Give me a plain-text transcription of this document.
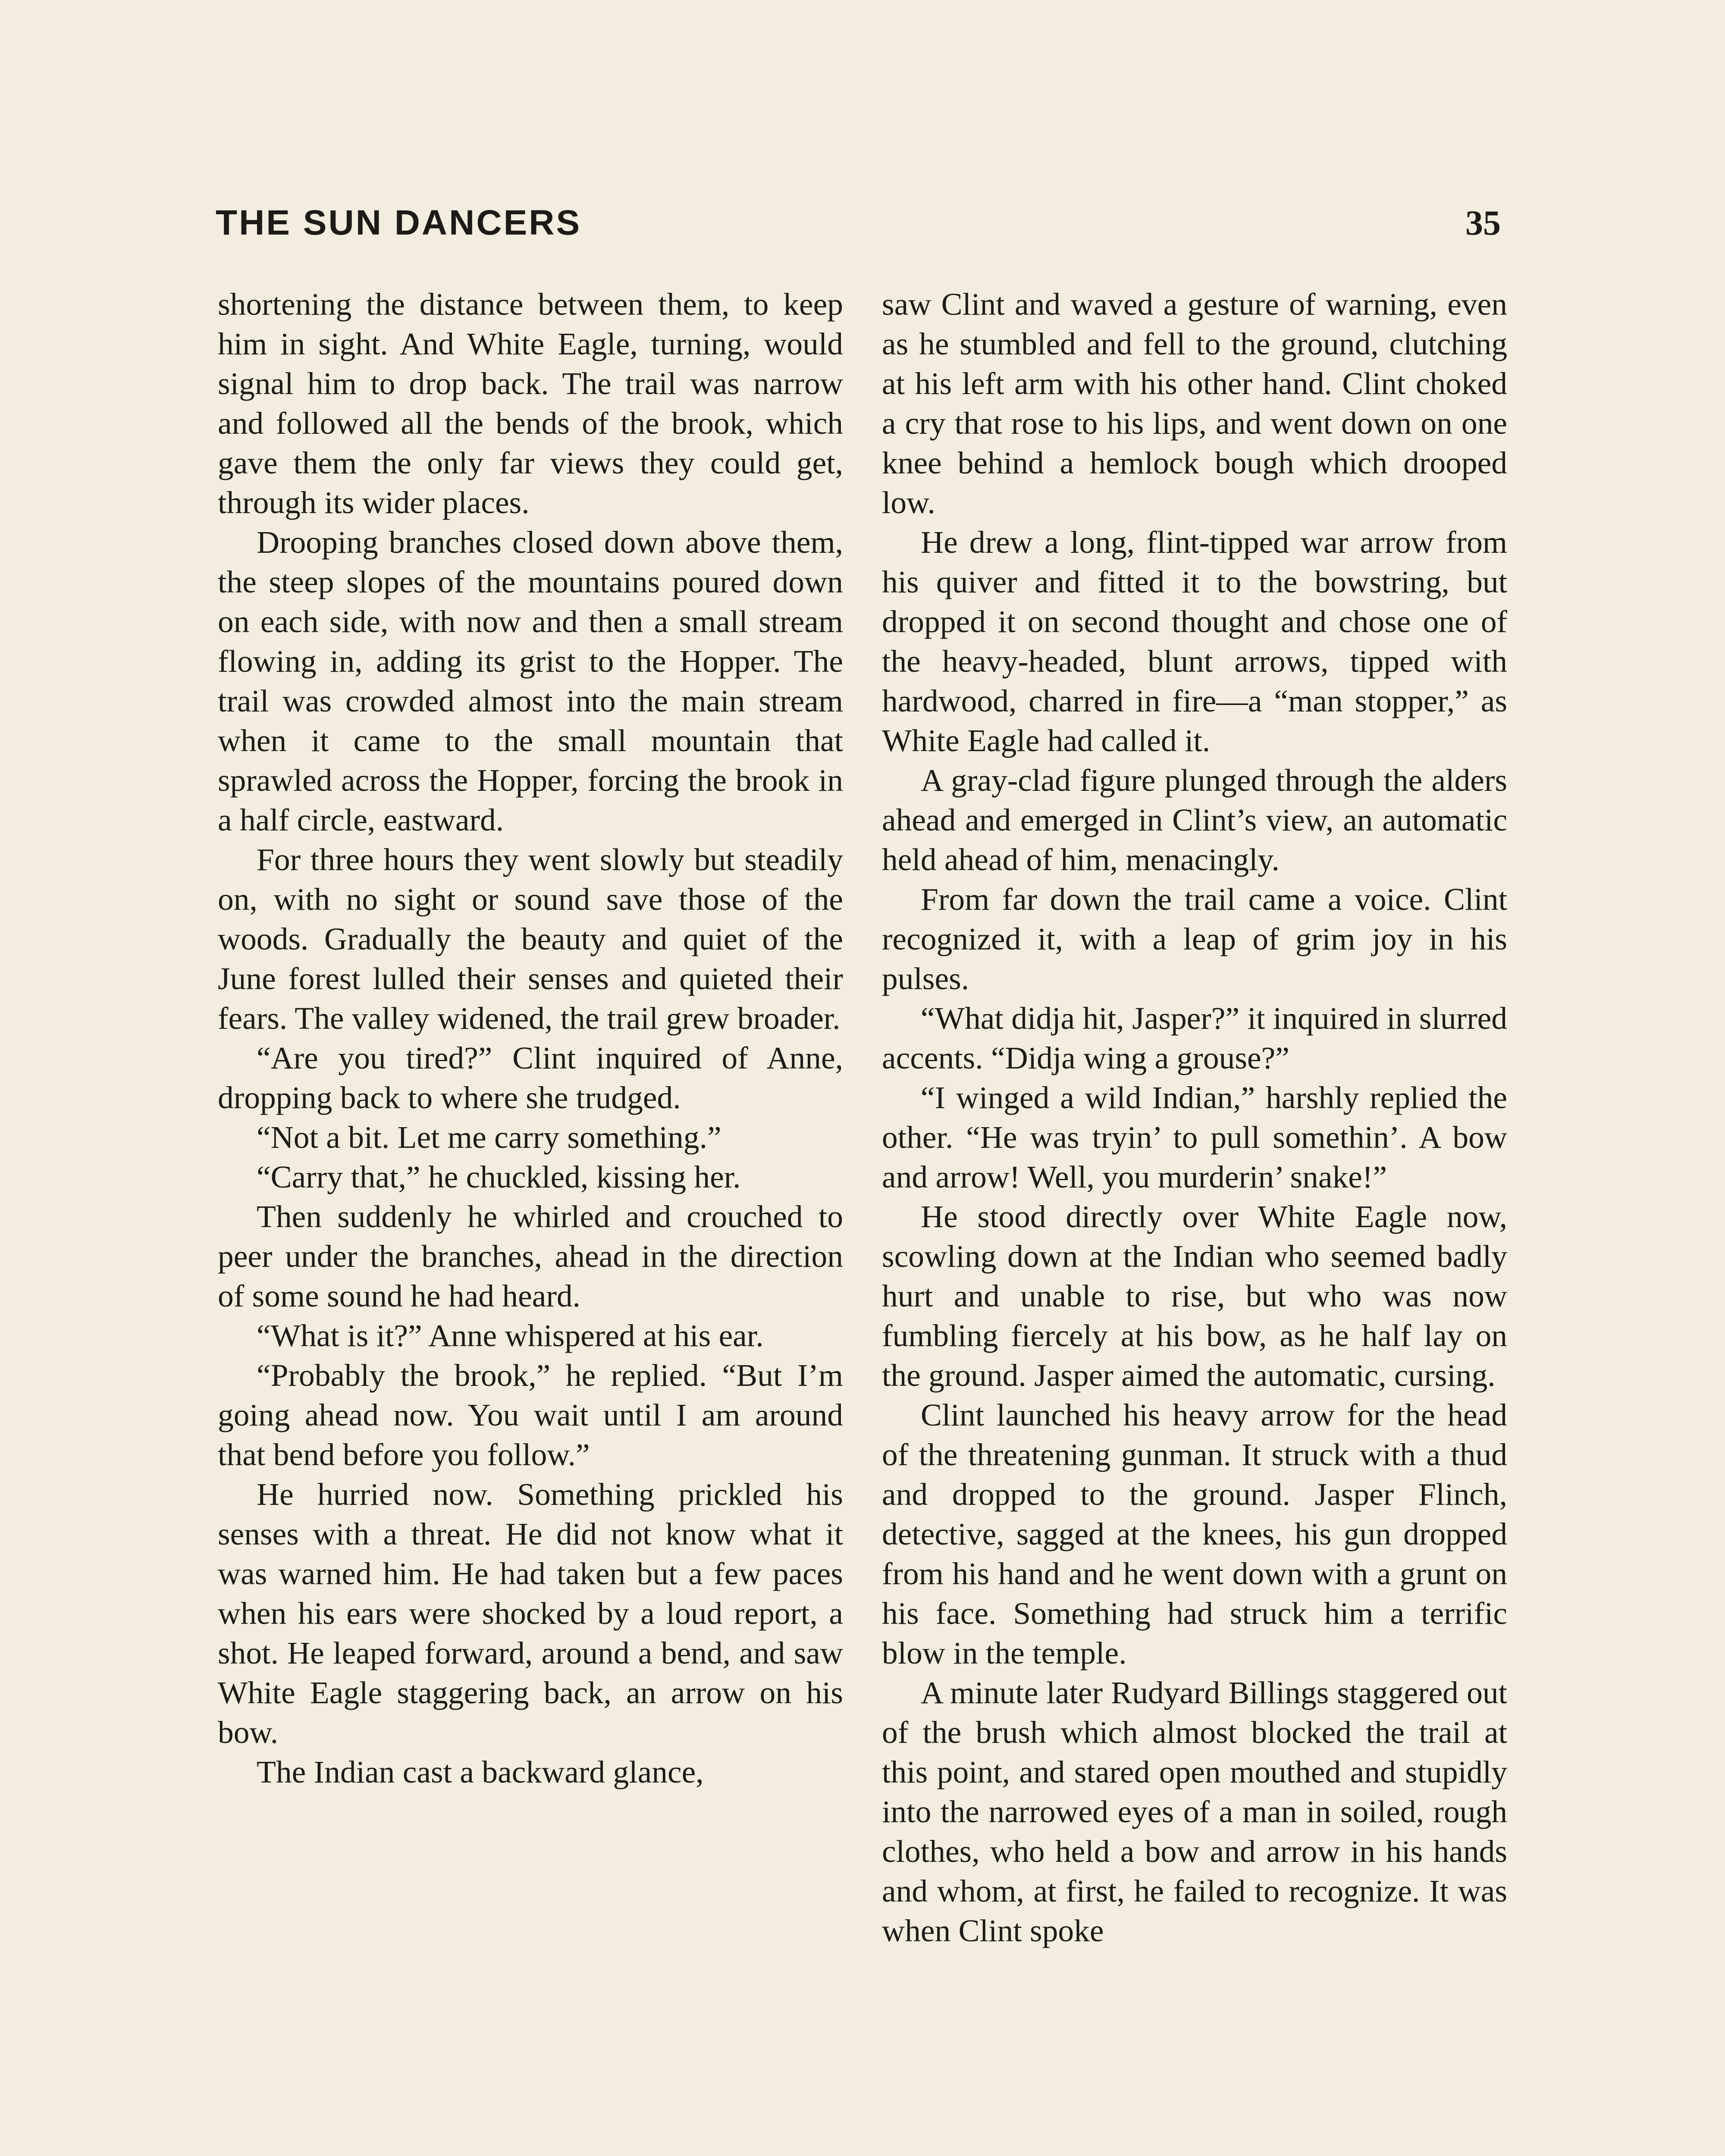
THE SUN DANCERS	35

shortening the distance between them, to keep him in sight. And White Eagle, turning, would signal him to drop back. The trail was narrow and followed all the bends of the brook, which gave them the only far views they could get, through its wider places.

Drooping branches closed down above them, the steep slopes of the mountains poured down on each side, with now and then a small stream flowing in, adding its grist to the Hopper. The trail was crowded almost into the main stream when it came to the small mountain that sprawled across the Hopper, forcing the brook in a half circle, eastward.

For three hours they went slowly but steadily on, with no sight or sound save those of the woods. Gradually the beauty and quiet of the June forest lulled their senses and quieted their fears. The valley widened, the trail grew broader.

“Are you tired?” Clint inquired of Anne, dropping back to where she trudged.

“Not a bit. Let me carry something.”

“Carry that,” he chuckled, kissing her.

Then suddenly he whirled and crouched to peer under the branches, ahead in the direction of some sound he had heard.

“What is it?” Anne whispered at his ear.

“Probably the brook,” he replied. “But I’m going ahead now. You wait until I am around that bend before you follow.”

He hurried now. Something prickled his senses with a threat. He did not know what it was warned him. He had taken but a few paces when his ears were shocked by a loud report, a shot. He leaped forward, around a bend, and saw White Eagle staggering back, an arrow on his bow.

The Indian cast a backward glance,

saw Clint and waved a gesture of warning, even as he stumbled and fell to the ground, clutching at his left arm with his other hand. Clint choked a cry that rose to his lips, and went down on one knee behind a hemlock bough which drooped low.

He drew a long, flint-tipped war arrow from his quiver and fitted it to the bowstring, but dropped it on second thought and chose one of the heavy-headed, blunt arrows, tipped with hardwood, charred in fire—a “man stopper,” as White Eagle had called it.

A gray-clad figure plunged through the alders ahead and emerged in Clint’s view, an automatic held ahead of him, menacingly.

From far down the trail came a voice. Clint recognized it, with a leap of grim joy in his pulses.

“What didja hit, Jasper?” it inquired in slurred accents. “Didja wing a grouse?”

“I winged a wild Indian,” harshly replied the other. “He was tryin’ to pull somethin’. A bow and arrow! Well, you murderin’ snake!”

He stood directly over White Eagle now, scowling down at the Indian who seemed badly hurt and unable to rise, but who was now fumbling fiercely at his bow, as he half lay on the ground. Jasper aimed the automatic, cursing.

Clint launched his heavy arrow for the head of the threatening gunman. It struck with a thud and dropped to the ground. Jasper Flinch, detective, sagged at the knees, his gun dropped from his hand and he went down with a grunt on his face. Something had struck him a terrific blow in the temple.

A minute later Rudyard Billings staggered out of the brush which almost blocked the trail at this point, and stared open mouthed and stupidly into the narrowed eyes of a man in soiled, rough clothes, who held a bow and arrow in his hands and whom, at first, he failed to recognize. It was when Clint spoke
